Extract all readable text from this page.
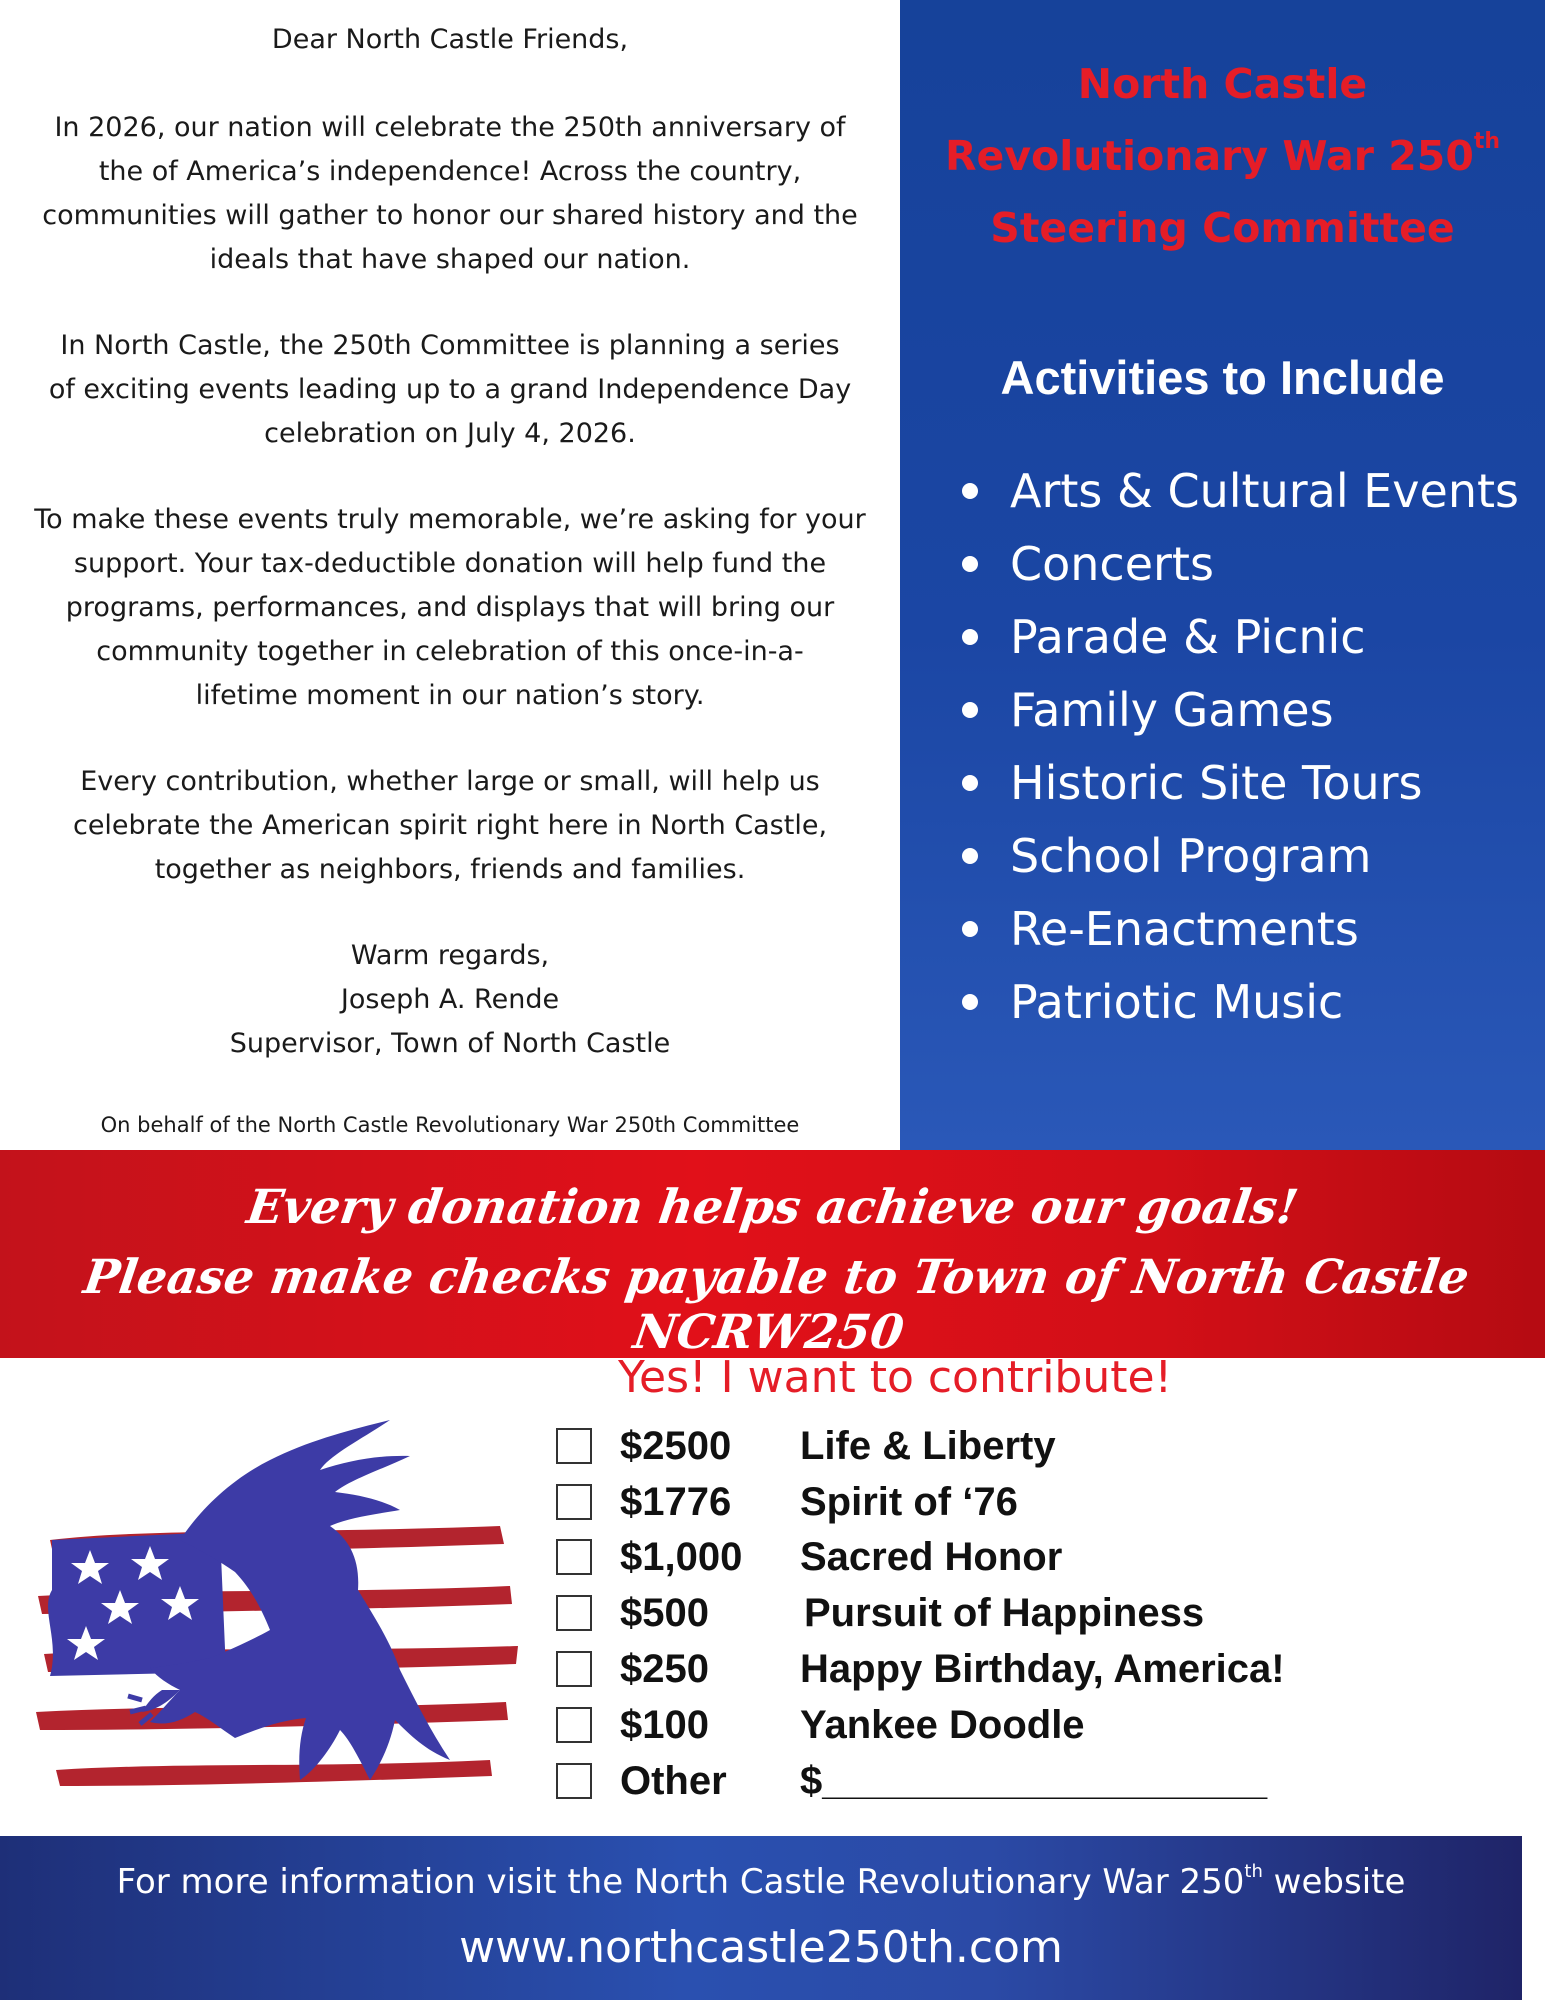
Dear North Castle Friends,

In 2026, our nation will celebrate the 250th anniversary of
the of America’s independence! Across the country,
communities will gather to honor our shared history and the
ideals that have shaped our nation.

In North Castle, the 250th Committee is planning a series
of exciting events leading up to a grand Independence Day
celebration on July 4, 2026.

To make these events truly memorable, we’re asking for your
support. Your tax-deductible donation will help fund the
programs, performances, and displays that will bring our
community together in celebration of this once-in-a-
lifetime moment in our nation’s story.

Every contribution, whether large or small, will help us
celebrate the American spirit right here in North Castle,
together as neighbors, friends and families.

Warm regards,

Joseph A. Rende

Supervisor, Town of North Castle

On behalf of the North Castle Revolutionary War 250th Committee

North Castle
Revolutionary War 250th
Steering Committee
Activities to Include
Arts & Cultural Events
Concerts
Parade & Picnic
Family Games
Historic Site Tours
School Program
Re-Enactments
Patriotic Music
Every donation helps achieve our goals!
Please make checks payable to Town of North Castle NCRW250
Yes! I want to contribute!
$2500 Life & Liberty
$1776 Spirit of ‘76
$1,000 Sacred Honor
$500 Pursuit of Happiness
$250 Happy Birthday, America!
$100 Yankee Doodle
Other $____________________
For more information visit the North Castle Revolutionary War 250th website
www.northcastle250th.com
